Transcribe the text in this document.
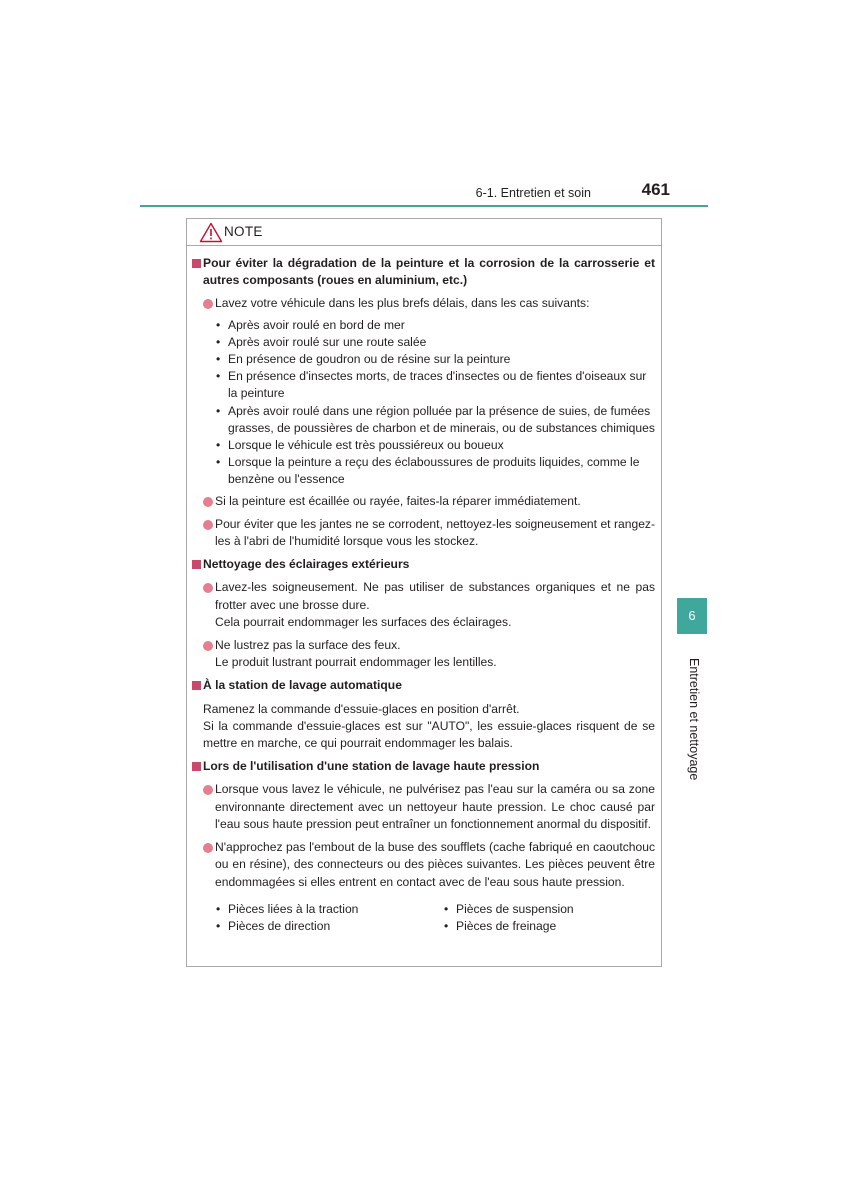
6-1. Entretien et soin	461
NOTE
Pour éviter la dégradation de la peinture et la corrosion de la carrosserie et autres composants (roues en aluminium, etc.)
Lavez votre véhicule dans les plus brefs délais, dans les cas suivants:
• Après avoir roulé en bord de mer
• Après avoir roulé sur une route salée
• En présence de goudron ou de résine sur la peinture
• En présence d'insectes morts, de traces d'insectes ou de fientes d'oiseaux sur la peinture
• Après avoir roulé dans une région polluée par la présence de suies, de fumées grasses, de poussières de charbon et de minerais, ou de substances chimiques
• Lorsque le véhicule est très poussiéreux ou boueux
• Lorsque la peinture a reçu des éclaboussures de produits liquides, comme le benzène ou l'essence
Si la peinture est écaillée ou rayée, faites-la réparer immédiatement.
Pour éviter que les jantes ne se corrodent, nettoyez-les soigneusement et rangez-les à l'abri de l'humidité lorsque vous les stockez.
Nettoyage des éclairages extérieurs
Lavez-les soigneusement. Ne pas utiliser de substances organiques et ne pas frotter avec une brosse dure.
Cela pourrait endommager les surfaces des éclairages.
Ne lustrez pas la surface des feux.
Le produit lustrant pourrait endommager les lentilles.
À la station de lavage automatique
Ramenez la commande d'essuie-glaces en position d'arrêt.
Si la commande d'essuie-glaces est sur "AUTO", les essuie-glaces risquent de se mettre en marche, ce qui pourrait endommager les balais.
Lors de l'utilisation d'une station de lavage haute pression
Lorsque vous lavez le véhicule, ne pulvérisez pas l'eau sur la caméra ou sa zone environnante directement avec un nettoyeur haute pression. Le choc causé par l'eau sous haute pression peut entraîner un fonctionnement anormal du dispositif.
N'approchez pas l'embout de la buse des soufflets (cache fabriqué en caoutchouc ou en résine), des connecteurs ou des pièces suivantes. Les pièces peuvent être endommagées si elles entrent en contact avec de l'eau sous haute pression.
• Pièces liées à la traction
• Pièces de direction
• Pièces de suspension
• Pièces de freinage
6
Entretien et nettoyage
